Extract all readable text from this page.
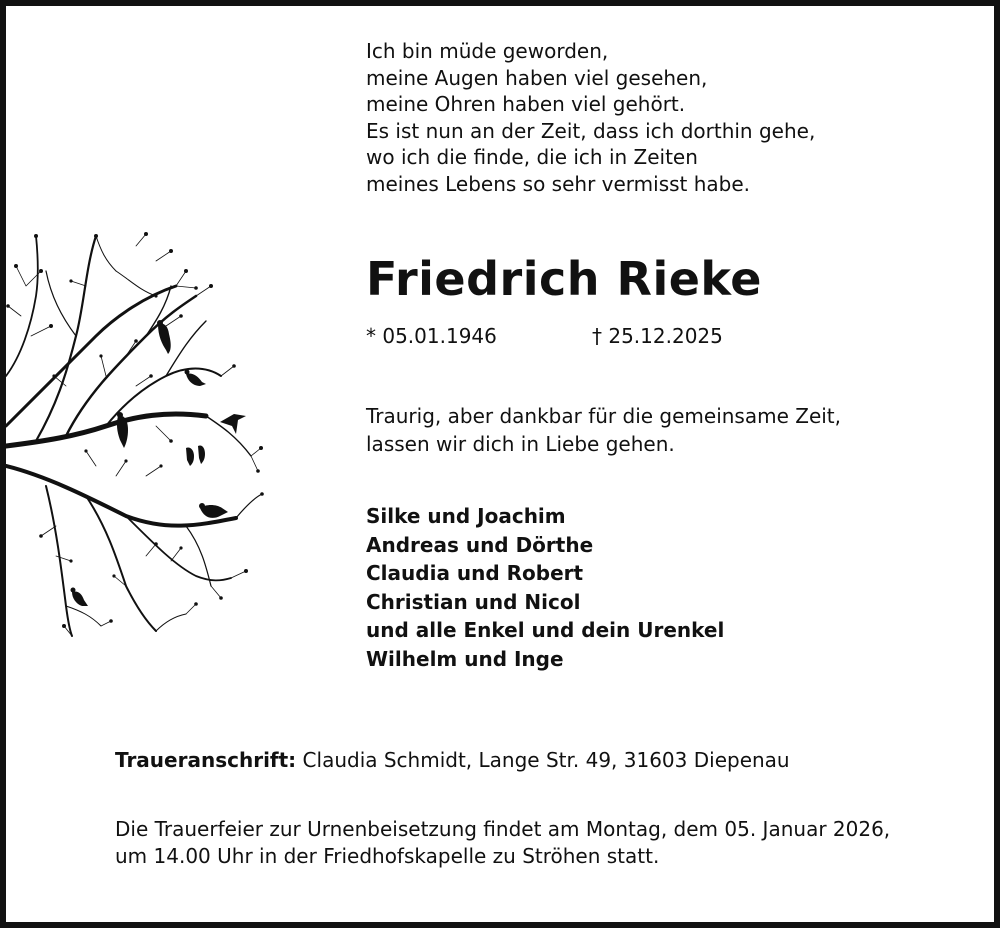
Ich bin müde geworden,
meine Augen haben viel gesehen,
meine Ohren haben viel gehört.
Es ist nun an der Zeit, dass ich dorthin gehe,
wo ich die finde, die ich in Zeiten
meines Lebens so sehr vermisst habe.
Friedrich Rieke
* 05.01.1946	† 25.12.2025
Traurig, aber dankbar für die gemeinsame Zeit,
lassen wir dich in Liebe gehen.
Silke und Joachim
Andreas und Dörthe
Claudia und Robert
Christian und Nicol
und alle Enkel und dein Urenkel
Wilhelm und Inge
Traueranschrift: Claudia Schmidt, Lange Str. 49, 31603 Diepenau
Die Trauerfeier zur Urnenbeisetzung findet am Montag, dem 05. Januar 2026,
um 14.00 Uhr in der Friedhofskapelle zu Ströhen statt.
